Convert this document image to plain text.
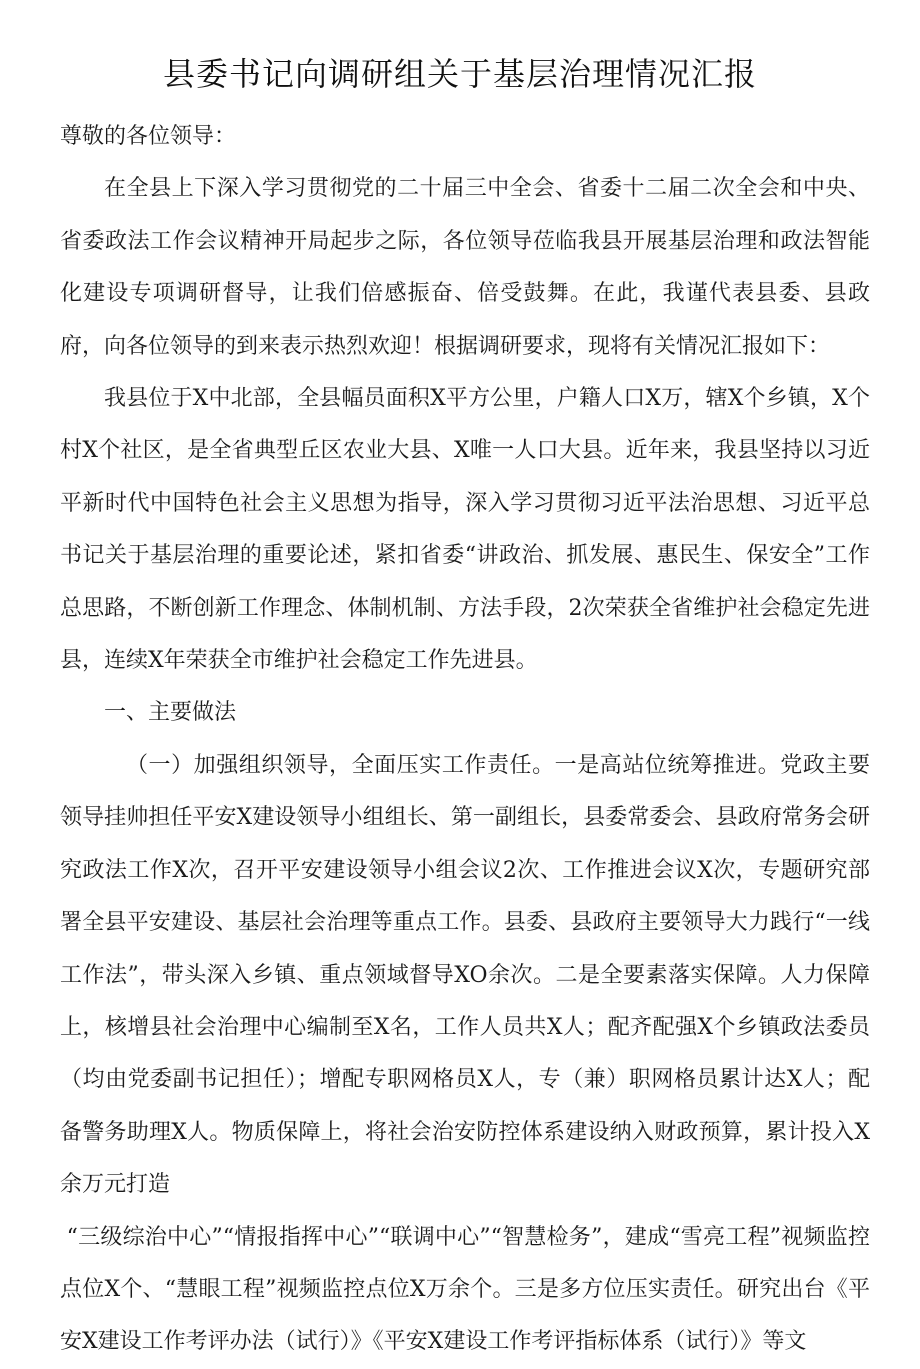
县委书记向调研组关于基层治理情况汇报

尊敬的各位领导：

在全县上下深入学习贯彻党的二十届三中全会、省委十二届二次全会和中央、省委政法工作会议精神开局起步之际，各位领导莅临我县开展基层治理和政法智能化建设专项调研督导，让我们倍感振奋、倍受鼓舞。在此，我谨代表县委、县政府，向各位领导的到来表示热烈欢迎！根据调研要求，现将有关情况汇报如下：

我县位于X中北部，全县幅员面积X平方公里，户籍人口X万，辖X个乡镇，X个村X个社区，是全省典型丘区农业大县、X唯一人口大县。近年来，我县坚持以习近平新时代中国特色社会主义思想为指导，深入学习贯彻习近平法治思想、习近平总书记关于基层治理的重要论述，紧扣省委“讲政治、抓发展、惠民生、保安全”工作总思路，不断创新工作理念、体制机制、方法手段，2次荣获全省维护社会稳定先进县，连续X年荣获全市维护社会稳定工作先进县。

一、主要做法

（一）加强组织领导，全面压实工作责任。一是高站位统筹推进。党政主要领导挂帅担任平安X建设领导小组组长、第一副组长，县委常委会、县政府常务会研究政法工作X次，召开平安建设领导小组会议2次、工作推进会议X次，专题研究部署全县平安建设、基层社会治理等重点工作。县委、县政府主要领导大力践行“一线工作法”，带头深入乡镇、重点领域督导XO余次。二是全要素落实保障。人力保障上，核增县社会治理中心编制至X名，工作人员共X人；配齐配强X个乡镇政法委员（均由党委副书记担任）；增配专职网格员X人，专（兼）职网格员累计达X人；配备警务助理X人。物质保障上，将社会治安防控体系建设纳入财政预算，累计投入X余万元打造

“三级综治中心”“情报指挥中心”“联调中心”“智慧检务”，建成“雪亮工程”视频监控点位X个、“慧眼工程”视频监控点位X万余个。三是多方位压实责任。研究出台《平安X建设工作考评办法（试行）》《平安X建设工作考评指标体系（试行）》等文
